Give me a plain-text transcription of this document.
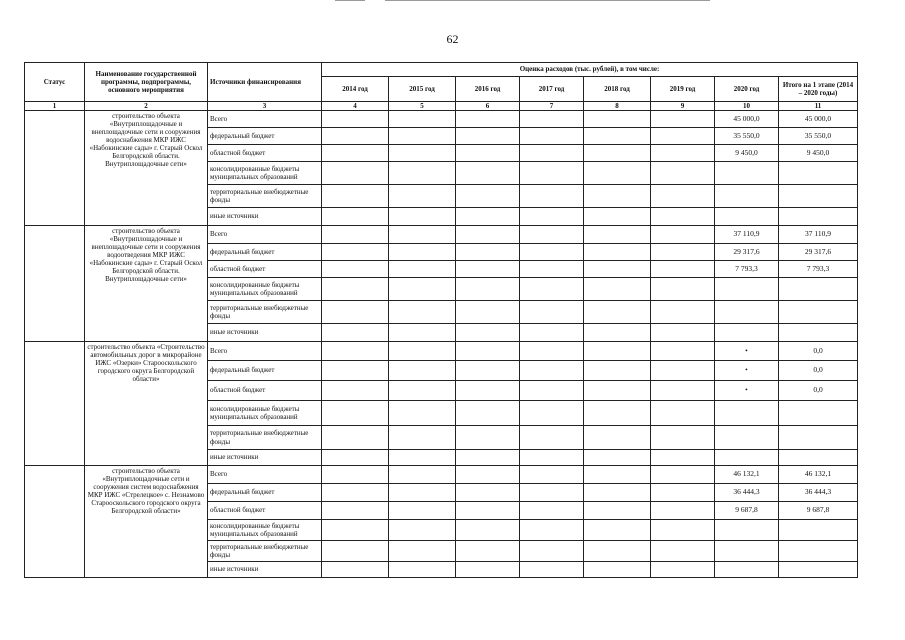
62
Статус	Наименование государственной программы, подпрограммы, основного мероприятия	Источники финансирования	Оценка расходов (тыс. рублей), в том числе:							
			2014 год	2015 год	2016 год	2017 год	2018 год	2019 год	2020 год	Итого на 1 этапе (2014 – 2020 годы)
1	2	3	4	5	6	7	8	9	10	11
	строительство объекта «Внутриплощадочные и внеплощадочные сети и сооружения водоснабжения МКР ИЖС «Набокинские сады» г. Старый Оскол Белгородской области. Внутриплощадочные сети»	Всего							45 000,0	45 000,0
		федеральный бюджет							35 550,0	35 550,0
		областной бюджет							9 450,0	9 450,0
		консолидированные бюджеты муниципальных образований								
		территориальные внебюджетные фонды								
		иные источники								
	строительство объекта «Внутриплощадочные и внеплощадочные сети и сооружения водоотведения МКР ИЖС «Набокинские сады» г. Старый Оскол Белгородской области. Внутриплощадочные сети»	Всего							37 110,9	37 110,9
		федеральный бюджет							29 317,6	29 317,6
		областной бюджет							7 793,3	7 793,3
		консолидированные бюджеты муниципальных образований								
		территориальные внебюджетные фонды								
		иные источники								
	строительство объекта «Строительство автомобильных дорог в микрорайоне ИЖС «Озерки» Старооскольского городского округа Белгородской области»	Всего							•	0,0
		федеральный бюджет							•	0,0
		областной бюджет							•	0,0
		консолидированные бюджеты муниципальных образований								
		территориальные внебюджетные фонды								
		иные источники								
	строительство объекта «Внутриплощадочные сети и сооружения систем водоснабжения МКР ИЖС «Стрелецкое» с. Незнамово Старооскольского городского округа Белгородской области»	Всего							46 132,1	46 132,1
		федеральный бюджет							36 444,3	36 444,3
		областной бюджет							9 687,8	9 687,8
		консолидированные бюджеты муниципальных образований								
		территориальные внебюджетные фонды								
		иные источники								
